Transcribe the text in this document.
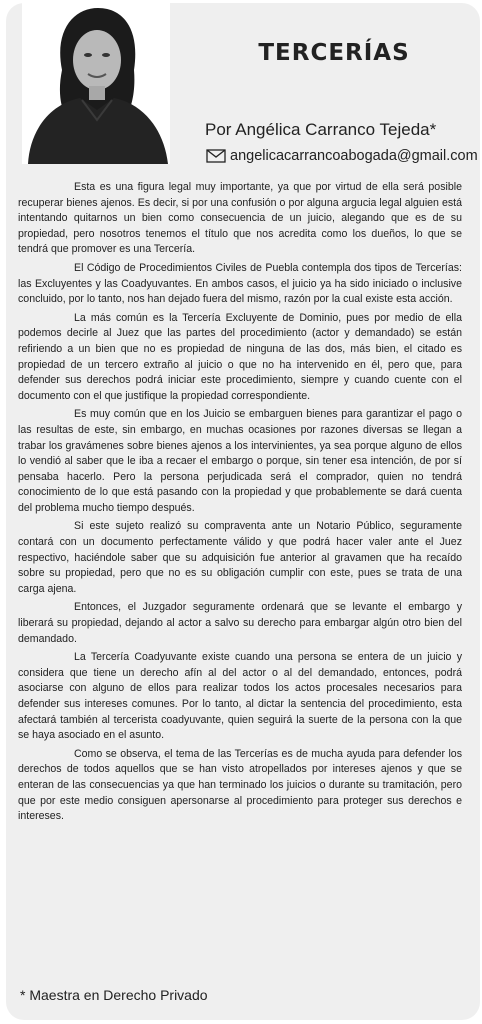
TERCERÍAS
Por Angélica Carranco Tejeda*
angelicacarrancoabogada@gmail.com

Esta es una figura legal muy importante, ya que por virtud de ella será posible recuperar bienes ajenos. Es decir, si por una confusión o por alguna argucia legal alguien está intentando quitarnos un bien como consecuencia de un juicio, alegando que es de su propiedad, pero nosotros tenemos el título que nos acredita como los dueños, lo que se tendrá que promover es una Tercería.

El Código de Procedimientos Civiles de Puebla contempla dos tipos de Tercerías: las Excluyentes y las Coadyuvantes. En ambos casos, el juicio ya ha sido iniciado o inclusive concluido, por lo tanto, nos han dejado fuera del mismo, razón por la cual existe esta acción.

La más común es la Tercería Excluyente de Dominio, pues por medio de ella podemos decirle al Juez que las partes del procedimiento (actor y demandado) se están refiriendo a un bien que no es propiedad de ninguna de las dos, más bien, el citado es propiedad de un tercero extraño al juicio o que no ha intervenido en él, pero que, para defender sus derechos podrá iniciar este procedimiento, siempre y cuando cuente con el documento con el que justifique la propiedad correspondiente.

Es muy común que en los Juicio se embarguen bienes para garantizar el pago o las resultas de este, sin embargo, en muchas ocasiones por razones diversas se llegan a trabar los gravámenes sobre bienes ajenos a los intervinientes, ya sea porque alguno de ellos lo vendió al saber que le iba a recaer el embargo o porque, sin tener esa intención, de por sí pensaba hacerlo. Pero la persona perjudicada será el comprador, quien no tendrá conocimiento de lo que está pasando con la propiedad y que probablemente se dará cuenta del problema mucho tiempo después.

Si este sujeto realizó su compraventa ante un Notario Público, seguramente contará con un documento perfectamente válido y que podrá hacer valer ante el Juez respectivo, haciéndole saber que su adquisición fue anterior al gravamen que ha recaído sobre su propiedad, pero que no es su obligación cumplir con este, pues se trata de una carga ajena.

Entonces, el Juzgador seguramente ordenará que se levante el embargo y liberará su propiedad, dejando al actor a salvo su derecho para embargar algún otro bien del demandado.

La Tercería Coadyuvante existe cuando una persona se entera de un juicio y considera que tiene un derecho afín al del actor o al del demandado, entonces, podrá asociarse con alguno de ellos para realizar todos los actos procesales necesarios para defender sus intereses comunes. Por lo tanto, al dictar la sentencia del procedimiento, esta afectará también al tercerista coadyuvante, quien seguirá la suerte de la persona con la que se haya asociado en el asunto.

Como se observa, el tema de las Tercerías es de mucha ayuda para defender los derechos de todos aquellos que se han visto atropellados por intereses ajenos y que se enteran de las consecuencias ya que han terminado los juicios o durante su tramitación, pero que por este medio consiguen apersonarse al procedimiento para proteger sus derechos e intereses.

* Maestra en Derecho Privado
